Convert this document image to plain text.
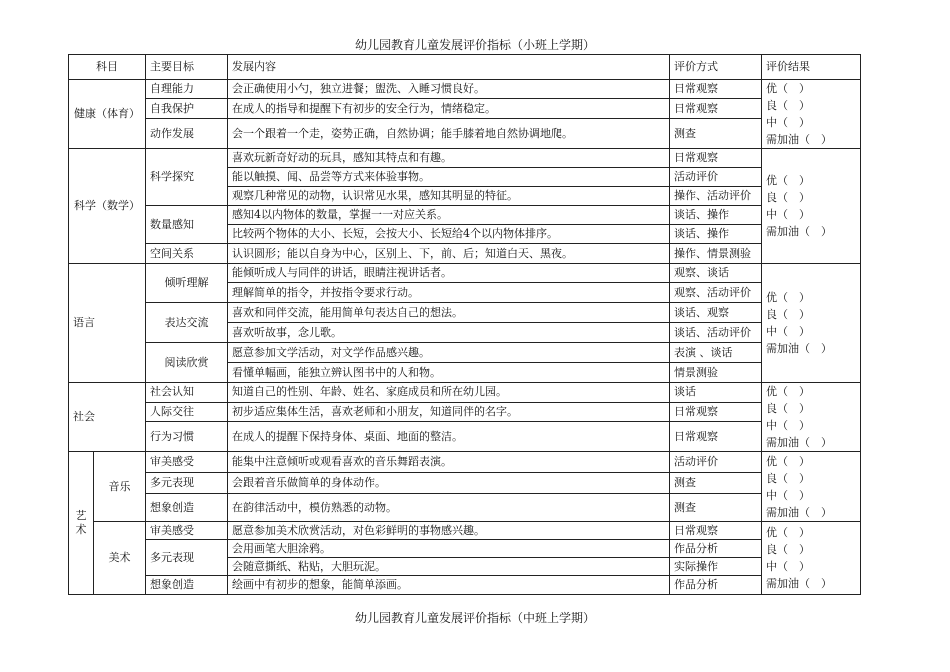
幼儿园教育儿童发展评价指标（小班上学期）
科目		主要目标	发展内容	评价方式	评价结果
健康（体育）		自理能力	会正确使用小勺，独立进餐；盥洗、入睡习惯良好。	日常观察	优（　）
良（　）
中（　）
需加油（　）

		自我保护	在成人的指导和提醒下有初步的安全行为，情绪稳定。	日常观察	
		动作发展	会一个跟着一个走，姿势正确，自然协调；能手膝着地自然协调地爬。	测查	
科学（数学）		科学探究	喜欢玩新奇好动的玩具，感知其特点和有趣。	日常观察	优（　）
良（　）
中（　）
需加油（　）

			能以触摸、闻、品尝等方式来体验事物。	活动评价	
			观察几种常见的动物，认识常见水果，感知其明显的特征。	操作、活动评价	
		数量感知	感知4以内物体的数量，掌握一一对应关系。	谈话、操作	
			比较两个物体的大小、长短，会按大小、长短给4个以内物体排序。	谈话、操作	
		空间关系	认识圆形；能以自身为中心，区别上、下，前、后；知道白天、黑夜。	操作、情景测验	
语言		倾听理解	能倾听成人与同伴的讲话，眼睛注视讲话者。	观察、谈话	优（　）
良（　）
中（　）
需加油（　）

			理解简单的指令，并按指令要求行动。	观察、活动评价	
		表达交流	喜欢和同伴交流，能用简单句表达自己的想法。	谈话、观察	
			喜欢听故事，念儿歌。	谈话、活动评价	
		阅读欣赏	愿意参加文学活动，对文学作品感兴趣。	表演 、谈话	
			看懂单幅画，能独立辨认图书中的人和物。	情景测验	
社会		社会认知	知道自己的性别、年龄、姓名、家庭成员和所在幼儿园。	谈话	优（　）
良（　）
中（　）
需加油（　）

		人际交往	初步适应集体生活，喜欢老师和小朋友，知道同伴的名字。	日常观察	
		行为习惯	在成人的提醒下保持身体、桌面、地面的整洁。	日常观察	

艺
术	音乐	审美感受	能集中注意倾听或观看喜欢的音乐舞蹈表演。	活动评价	优（　）
良（　）
中（　）
需加油（　）

		多元表现	会跟着音乐做简单的身体动作。	测查	
		想象创造	在韵律活动中，模仿熟悉的动物。	测查	
	美术	审美感受	愿意参加美术欣赏活动，对色彩鲜明的事物感兴趣。	日常观察	优（　）
良（　）
中（　）
需加油（　）

		多元表现	会用画笔大胆涂鸦。	作品分析	
			会随意撕纸、粘贴，大胆玩泥。	实际操作	
		想象创造	绘画中有初步的想象，能简单添画。	作品分析	
幼儿园教育儿童发展评价指标（中班上学期）
